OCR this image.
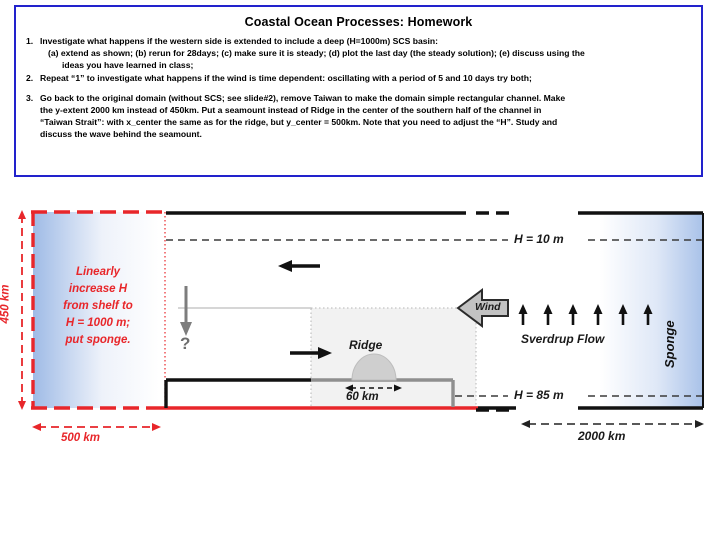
Coastal Ocean Processes: Homework
1. Investigate what happens if the western side is extended to include a deep (H=1000m) SCS basin:
(a) extend as shown; (b) rerun for 28days; (c) make sure it is steady; (d) plot the last day (the steady solution); (e) discuss using the
ideas you have learned in class;
2. Repeat “1” to investigate what happens if the wind is time dependent: oscillating with a period of 5 and 10 days try both;
3. Go back to the original domain (without SCS; see slide#2), remove Taiwan to make the domain simple rectangular channel. Make
the y-extent 2000 km instead of 450km. Put a seamount instead of Ridge in the center of the southern half of the channel in
“Taiwan Strait”: with x_center the same as for the ridge, but y_center = 500km. Note that you need to adjust the “H”. Study and
discuss the wave behind the seamount.
Linearly
increase H
from shelf to
H = 1000 m;
put sponge.
450 km
500 km
H = 10 m
H = 85 m
2000 km
Ridge
60 km
Wind
Sverdrup Flow	Sponge
?
